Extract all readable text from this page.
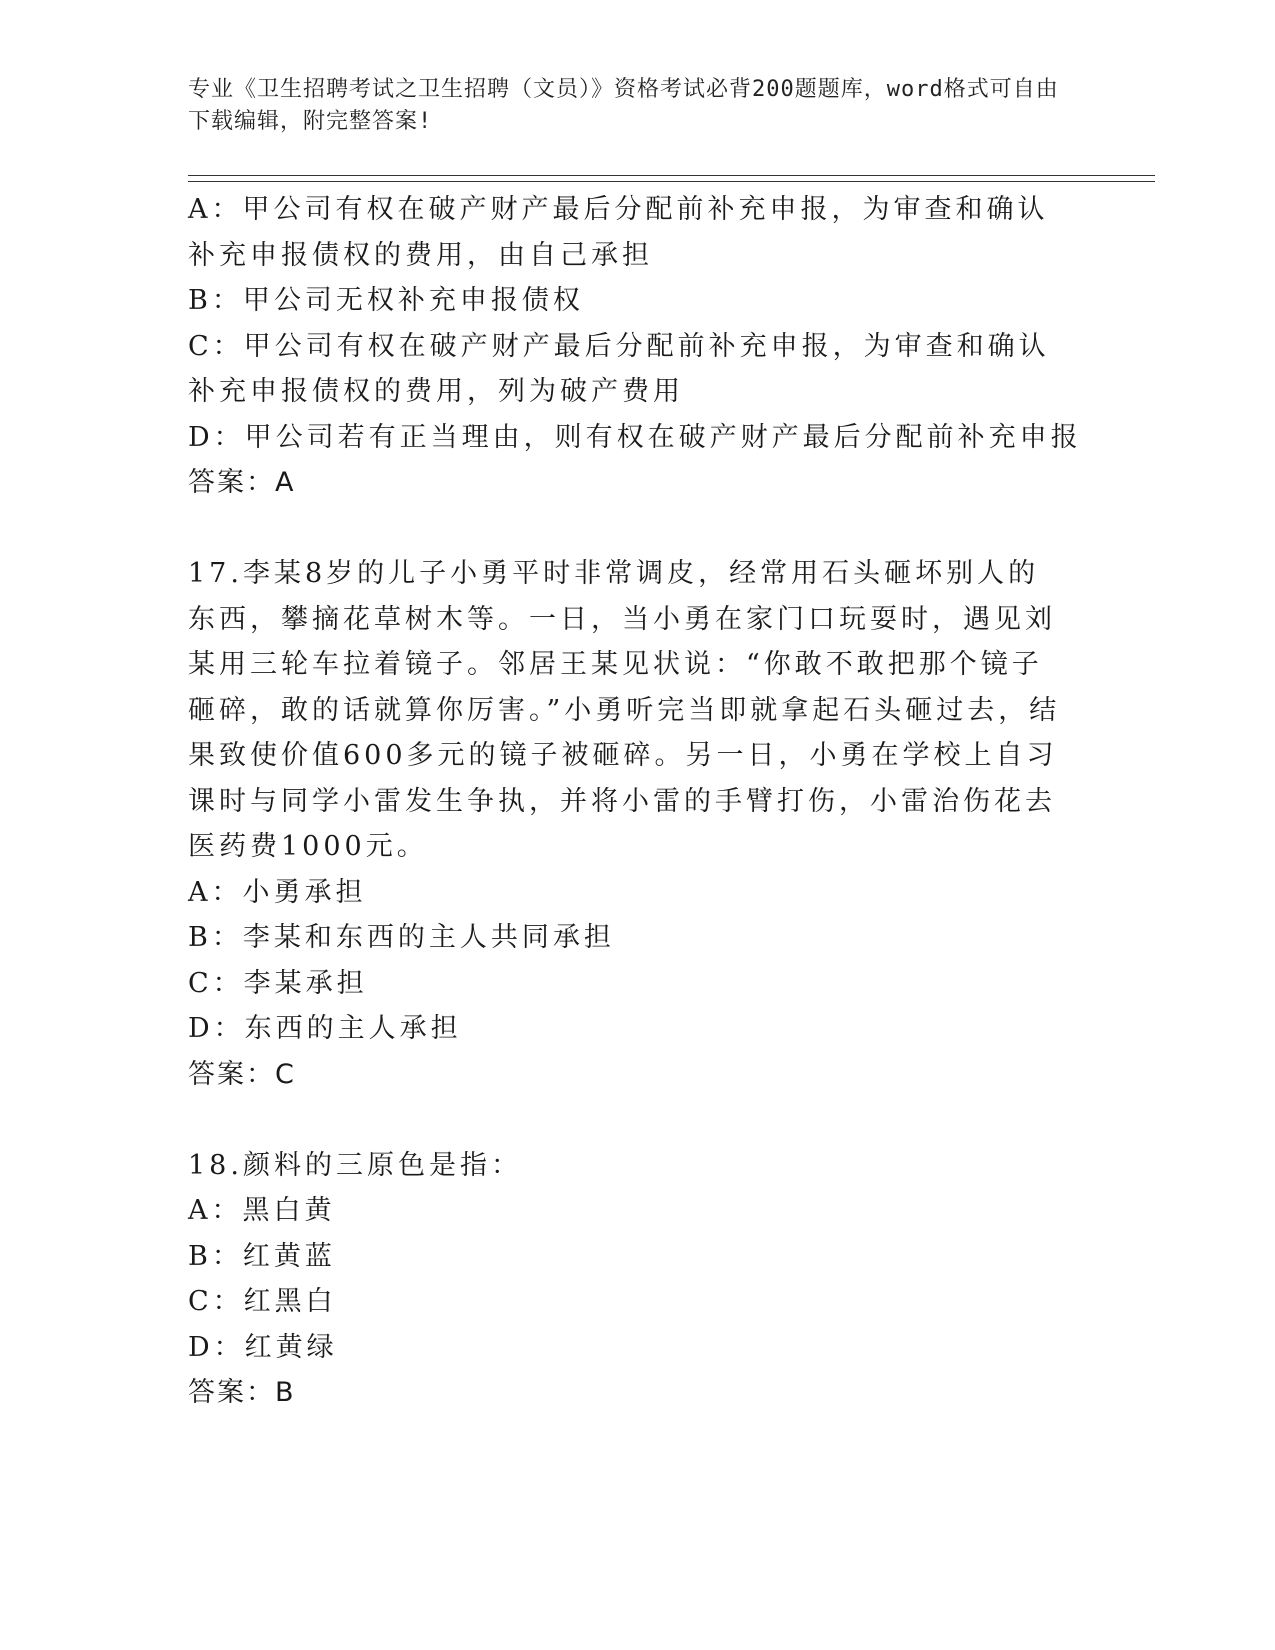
专业《卫生招聘考试之卫生招聘（文员）》资格考试必背200题题库，word格式可自由下载编辑，附完整答案!
A：甲公司有权在破产财产最后分配前补充申报，为审查和确认补充申报债权的费用，由自己承担
B：甲公司无权补充申报债权
C：甲公司有权在破产财产最后分配前补充申报，为审查和确认补充申报债权的费用，列为破产费用
D：甲公司若有正当理由，则有权在破产财产最后分配前补充申报
答案：A
17.李某8岁的儿子小勇平时非常调皮，经常用石头砸坏别人的东西，攀摘花草树木等。一日，当小勇在家门口玩耍时，遇见刘某用三轮车拉着镜子。邻居王某见状说：“你敢不敢把那个镜子砸碎，敢的话就算你厉害。”小勇听完当即就拿起石头砸过去，结果致使价值600多元的镜子被砸碎。另一日，小勇在学校上自习课时与同学小雷发生争执，并将小雷的手臂打伤，小雷治伤花去医药费1000元。
A：小勇承担
B：李某和东西的主人共同承担
C：李某承担
D：东西的主人承担
答案：C
18.颜料的三原色是指：
A：黑白黄
B：红黄蓝
C：红黑白
D：红黄绿
答案：B
